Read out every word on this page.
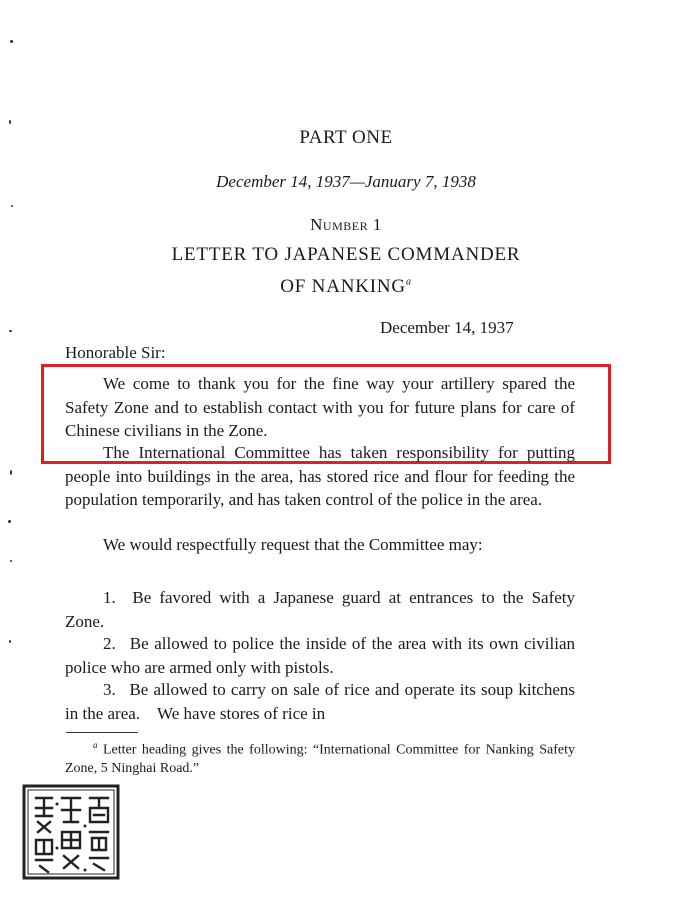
PART ONE
December 14, 1937—January 7, 1938
Number 1
LETTER TO JAPANESE COMMANDER
OF NANKING$^a$
December 14, 1937
Honorable Sir:
We come to thank you for the fine way your artillery spared the Safety Zone and to establish contact with you for future plans for care of Chinese civilians in the Zone.
The International Committee has taken responsibility for putting people into buildings in the area, has stored rice and flour for feeding the population temporarily, and has taken control of the police in the area.
We would respectfully request that the Committee may:
1.  Be favored with a Japanese guard at entrances to the Safety Zone.
2.  Be allowed to police the inside of the area with its own civilian police who are armed only with pistols.
3.  Be allowed to carry on sale of rice and operate its soup kitchens in the area. We have stores of rice in
$^a$ Letter heading gives the following: “International Committee for Nanking Safety Zone, 5 Ninghai Road.”
